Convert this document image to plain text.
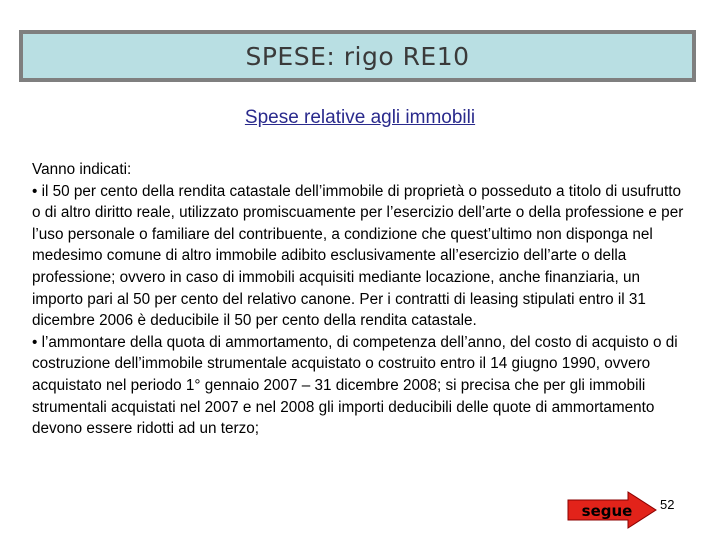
SPESE: rigo RE10
Spese relative agli immobili

Vanno indicati:

• il 50 per cento della rendita catastale dell’immobile di proprietà o posseduto a titolo di usufrutto o di altro diritto reale, utilizzato promiscuamente per l’esercizio dell’arte o della professione e per l’uso personale o familiare del contribuente, a condizione che quest’ultimo non disponga nel medesimo comune di altro immobile adibito esclusivamente all’esercizio dell’arte o della professione; ovvero in caso di immobili acquisiti mediante locazione, anche finanziaria, un importo pari al 50 per cento del relativo canone. Per i contratti di leasing stipulati entro il 31 dicembre 2006 è deducibile il 50 per cento della rendita catastale.

• l’ammontare della quota di ammortamento, di competenza dell’anno, del costo di acquisto o di costruzione dell’immobile strumentale acquistato o costruito entro il 14 giugno 1990, ovvero acquistato nel periodo 1° gennaio 2007 – 31 dicembre 2008; si precisa che per gli immobili strumentali acquistati nel 2007 e nel 2008 gli importi deducibili delle quote di ammortamento devono essere ridotti ad un terzo;

segue 52
